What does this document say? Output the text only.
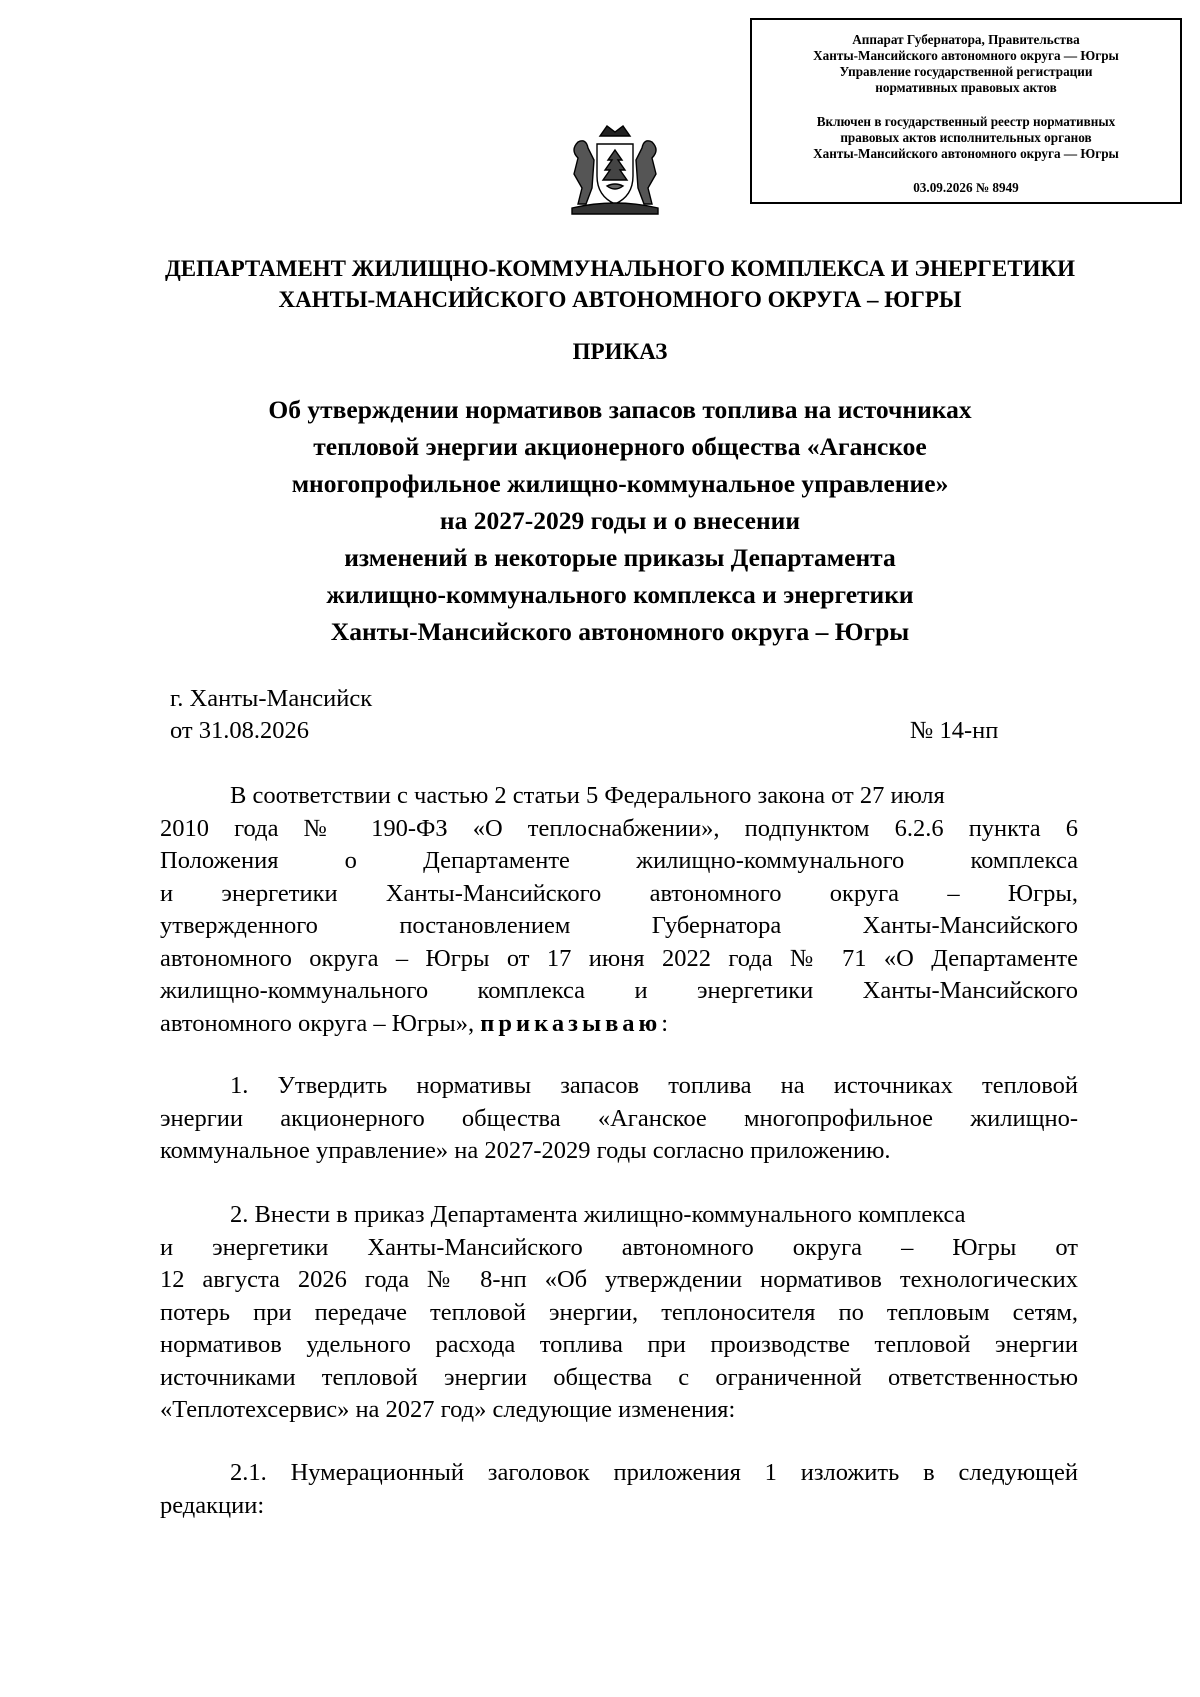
Аппарат Губернатора, Правительства
Ханты-Мансийского автономного округа — Югры
Управление государственной регистрации
нормативных правовых актов
Включен в государственный реестр нормативных
правовых актов исполнительных органов
Ханты-Мансийского автономного округа — Югры
03.09.2026 № 8949
ДЕПАРТАМЕНТ ЖИЛИЩНО-КОММУНАЛЬНОГО КОМПЛЕКСА И ЭНЕРГЕТИКИ
ХАНТЫ-МАНСИЙСКОГО АВТОНОМНОГО ОКРУГА – ЮГРЫ
ПРИКАЗ
Об утверждении нормативов запасов топлива на источниках
тепловой энергии акционерного общества «Аганское
многопрофильное жилищно-коммунальное управление»
на 2027-2029 годы и о внесении
изменений в некоторые приказы Департамента
жилищно-коммунального комплекса и энергетики
Ханты-Мансийского автономного округа – Югры
г. Ханты-Мансийск
от 31.08.2026	№ 14-нп
В соответствии с частью 2 статьи 5 Федерального закона от 27 июля
2010 года № 190-ФЗ «О теплоснабжении», подпунктом 6.2.6 пункта 6
Положения о Департаменте жилищно-коммунального комплекса
и энергетики Ханты-Мансийского автономного округа – Югры,
утвержденного постановлением Губернатора Ханты-Мансийского
автономного округа – Югры от 17 июня 2022 года № 71 «О Департаменте
жилищно-коммунального комплекса и энергетики Ханты-Мансийского
автономного округа – Югры», приказываю:
1. Утвердить нормативы запасов топлива на источниках тепловой
энергии акционерного общества «Аганское многопрофильное жилищно-
коммунальное управление» на 2027-2029 годы согласно приложению.
2. Внести в приказ Департамента жилищно-коммунального комплекса
и энергетики Ханты-Мансийского автономного округа – Югры от
12 августа 2026 года № 8-нп «Об утверждении нормативов технологических
потерь при передаче тепловой энергии, теплоносителя по тепловым сетям,
нормативов удельного расхода топлива при производстве тепловой энергии
источниками тепловой энергии общества с ограниченной ответственностью
«Теплотехсервис» на 2027 год» следующие изменения:
2.1. Нумерационный заголовок приложения 1 изложить в следующей
редакции:
